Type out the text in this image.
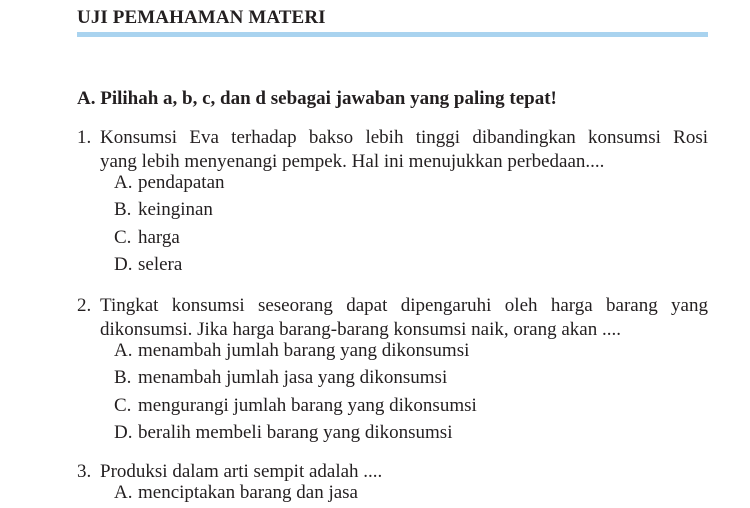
UJI PEMAHAMAN MATERI

A. Pilihah a, b, c, dan d sebagai jawaban yang paling tepat!

1. Konsumsi Eva terhadap bakso lebih tinggi dibandingkan konsumsi Rosi
yang lebih menyenangi pempek. Hal ini menujukkan perbedaan....
A. pendapatan
B. keinginan
C. harga
D. selera
2. Tingkat konsumsi seseorang dapat dipengaruhi oleh harga barang yang
dikonsumsi. Jika harga barang-barang konsumsi naik, orang akan ....
A. menambah jumlah barang yang dikonsumsi
B. menambah jumlah jasa yang dikonsumsi
C. mengurangi jumlah barang yang dikonsumsi
D. beralih membeli barang yang dikonsumsi
3. Produksi dalam arti sempit adalah ....
A. menciptakan barang dan jasa
